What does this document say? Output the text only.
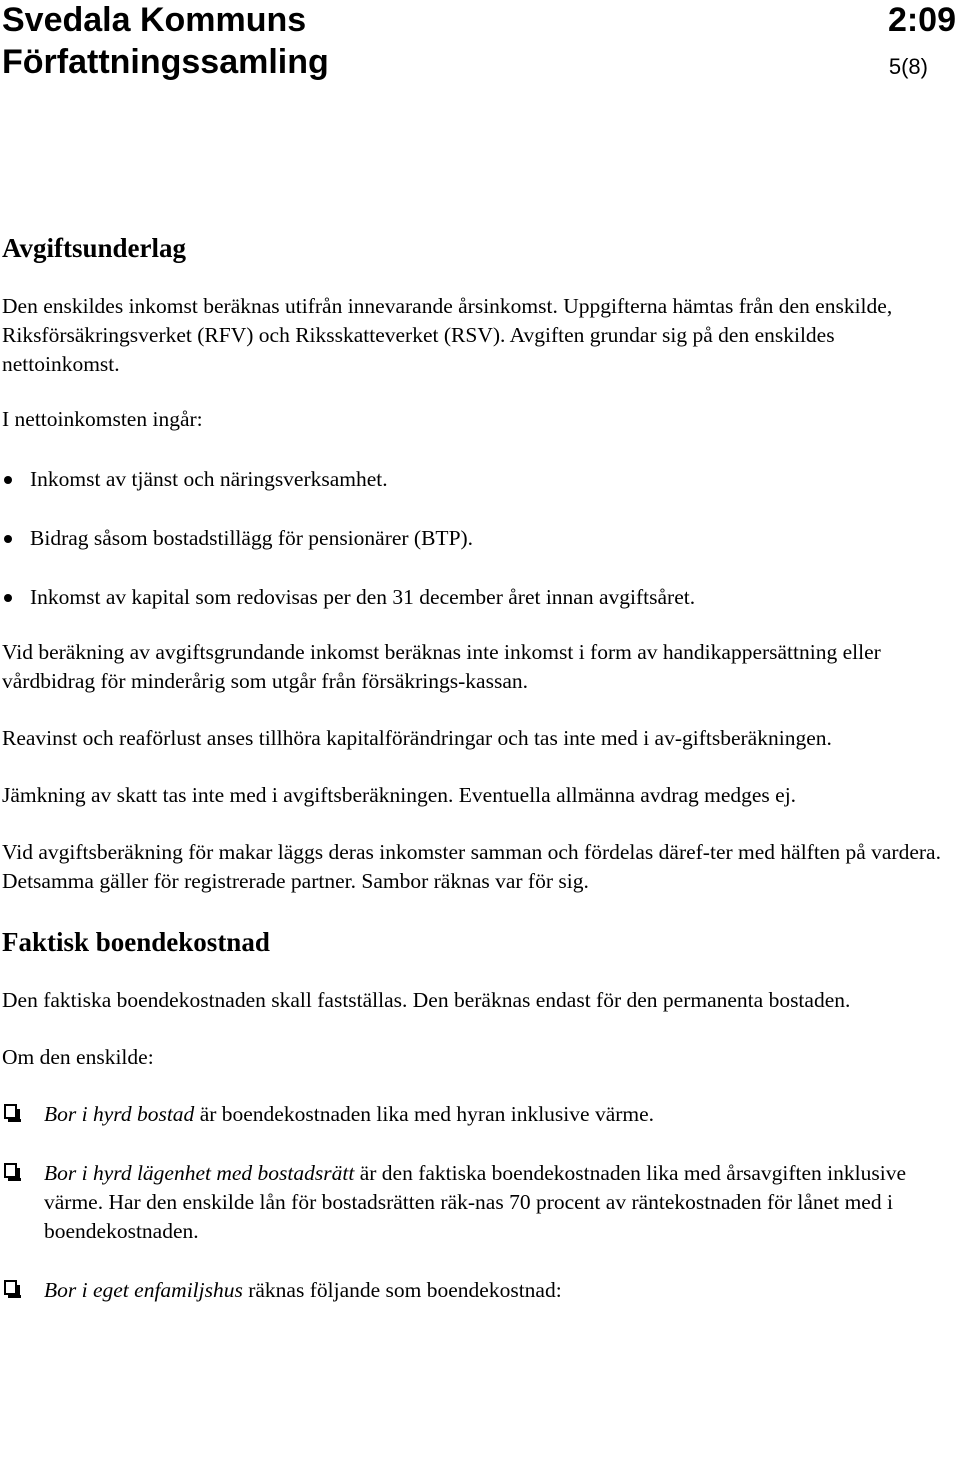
Svedala Kommuns
Författningssamling
2:09
5(8)
Avgiftsunderlag

Den enskildes inkomst beräknas utifrån innevarande årsinkomst. Uppgifterna hämtas från den enskilde, Riksförsäkringsverket (RFV) och Riksskatteverket (RSV). Avgiften grundar sig på den enskildes nettoinkomst.

I nettoinkomsten ingår:

Inkomst av tjänst och näringsverksamhet.
Bidrag såsom bostadstillägg för pensionärer (BTP).
Inkomst av kapital som redovisas per den 31 december året innan avgiftsåret.

Vid beräkning av avgiftsgrundande inkomst beräknas inte inkomst i form av handikappersättning eller vårdbidrag för minderårig som utgår från försäkrings-kassan.

Reavinst och reaförlust anses tillhöra kapitalförändringar och tas inte med i av-giftsberäkningen.

Jämkning av skatt tas inte med i avgiftsberäkningen. Eventuella allmänna avdrag medges ej.

Vid avgiftsberäkning för makar läggs deras inkomster samman och fördelas däref-ter med hälften på vardera. Detsamma gäller för registrerade partner. Sambor räknas var för sig.

Faktisk boendekostnad

Den faktiska boendekostnaden skall fastställas. Den beräknas endast för den permanenta bostaden.

Om den enskilde:

Bor i hyrd bostad är boendekostnaden lika med hyran inklusive värme.
Bor i hyrd lägenhet med bostadsrätt är den faktiska boendekostnaden lika med årsavgiften inklusive värme. Har den enskilde lån för bostadsrätten räk-nas 70 procent av räntekostnaden för lånet med i boendekostnaden.
Bor i eget enfamiljshus räknas följande som boendekostnad:
